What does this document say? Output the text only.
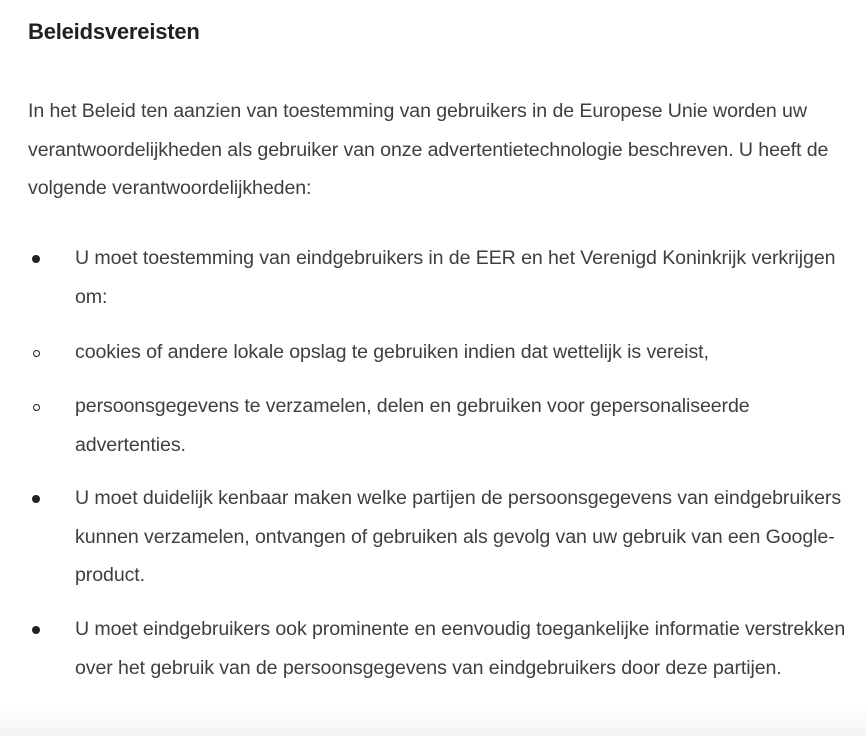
Beleidsvereisten

In het Beleid ten aanzien van toestemming van gebruikers in de Europese Unie worden uw verantwoordelijkheden als gebruiker van onze advertentietechnologie beschreven. U heeft de volgende verantwoordelijkheden:

U moet toestemming van eindgebruikers in de EER en het Verenigd Koninkrijk verkrijgen om:

cookies of andere lokale opslag te gebruiken indien dat wettelijk is vereist,

persoonsgegevens te verzamelen, delen en gebruiken voor gepersonaliseerde advertenties.

U moet duidelijk kenbaar maken welke partijen de persoonsgegevens van eindgebruikers kunnen verzamelen, ontvangen of gebruiken als gevolg van uw gebruik van een Google-product.

U moet eindgebruikers ook prominente en eenvoudig toegankelijke informatie verstrekken over het gebruik van de persoonsgegevens van eindgebruikers door deze partijen.
